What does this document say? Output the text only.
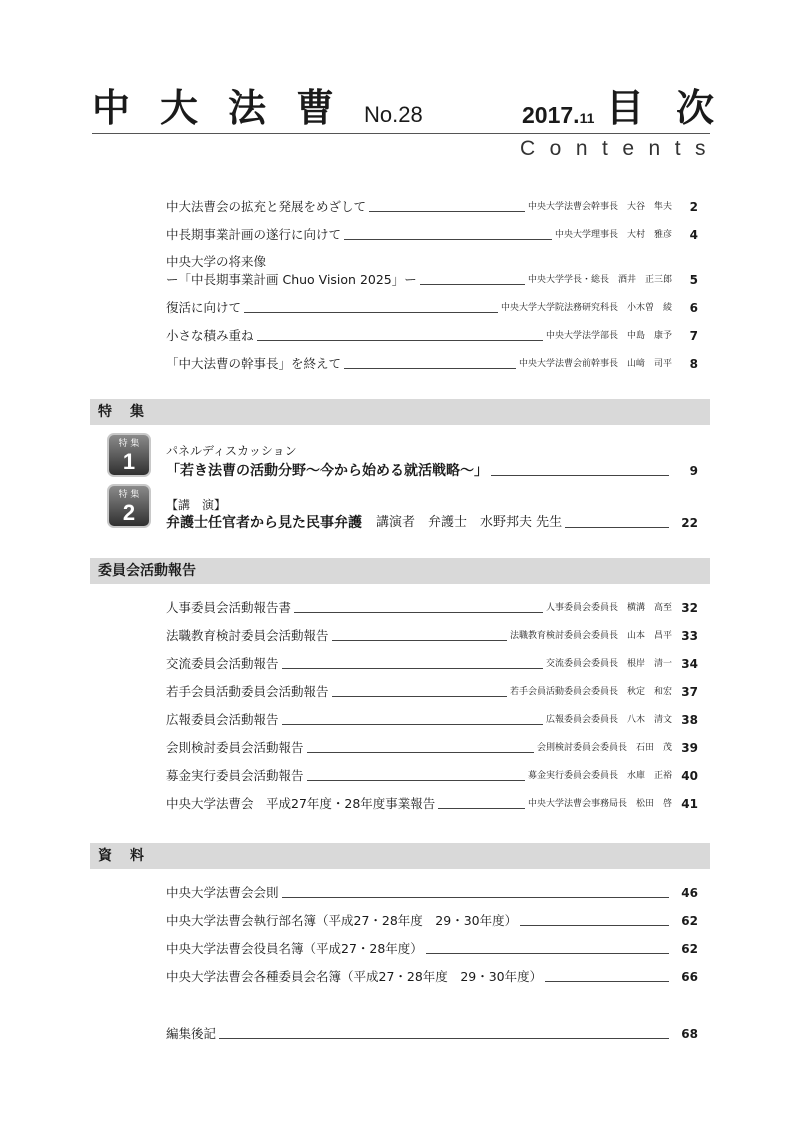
中大法曹 No.28	2017.11 目次
Contents
中大法曹会の拡充と発展をめざして	中央大学法曹会幹事長　大谷　隼夫	2
中長期事業計画の遂行に向けて	中央大学理事長　大村　雅彦	4
中央大学の将来像
ー「中長期事業計画 Chuo Vision 2025」ー	中央大学学長・総長　酒井　正三郎	5
復活に向けて	中央大学大学院法務研究科長　小木曽　綾	6
小さな積み重ね	中央大学法学部長　中島　康予	7
「中大法曹の幹事長」を終えて	中央大学法曹会前幹事長　山﨑　司平	8
特集
特 集
1	パネルディスカッション
「若き法曹の活動分野～今から始める就活戦略～」	9
特 集
2	【講　演】
弁護士任官者から見た民事弁護 講演者　弁護士　水野邦夫 先生	22
委員会活動報告
人事委員会活動報告書	人事委員会委員長　横溝　高至 32
法職教育検討委員会活動報告	法職教育検討委員会委員長　山本　昌平 33
交流委員会活動報告	交流委員会委員長　根岸　清一 34
若手会員活動委員会活動報告	若手会員活動委員会委員長　秋定　和宏 37
広報委員会活動報告	広報委員会委員長　八木　清文 38
会則検討委員会活動報告	会則検討委員会委員長　石田　茂 39
募金実行委員会活動報告	募金実行委員会委員長　水庫　正裕 40
中央大学法曹会　平成27年度・28年度事業報告	中央大学法曹会事務局長　松田　啓 41
資料
中央大学法曹会会則	46
中央大学法曹会執行部名簿（平成27・28年度　29・30年度）	62
中央大学法曹会役員名簿（平成27・28年度）	62
中央大学法曹会各種委員会名簿（平成27・28年度　29・30年度）	66
編集後記	68
